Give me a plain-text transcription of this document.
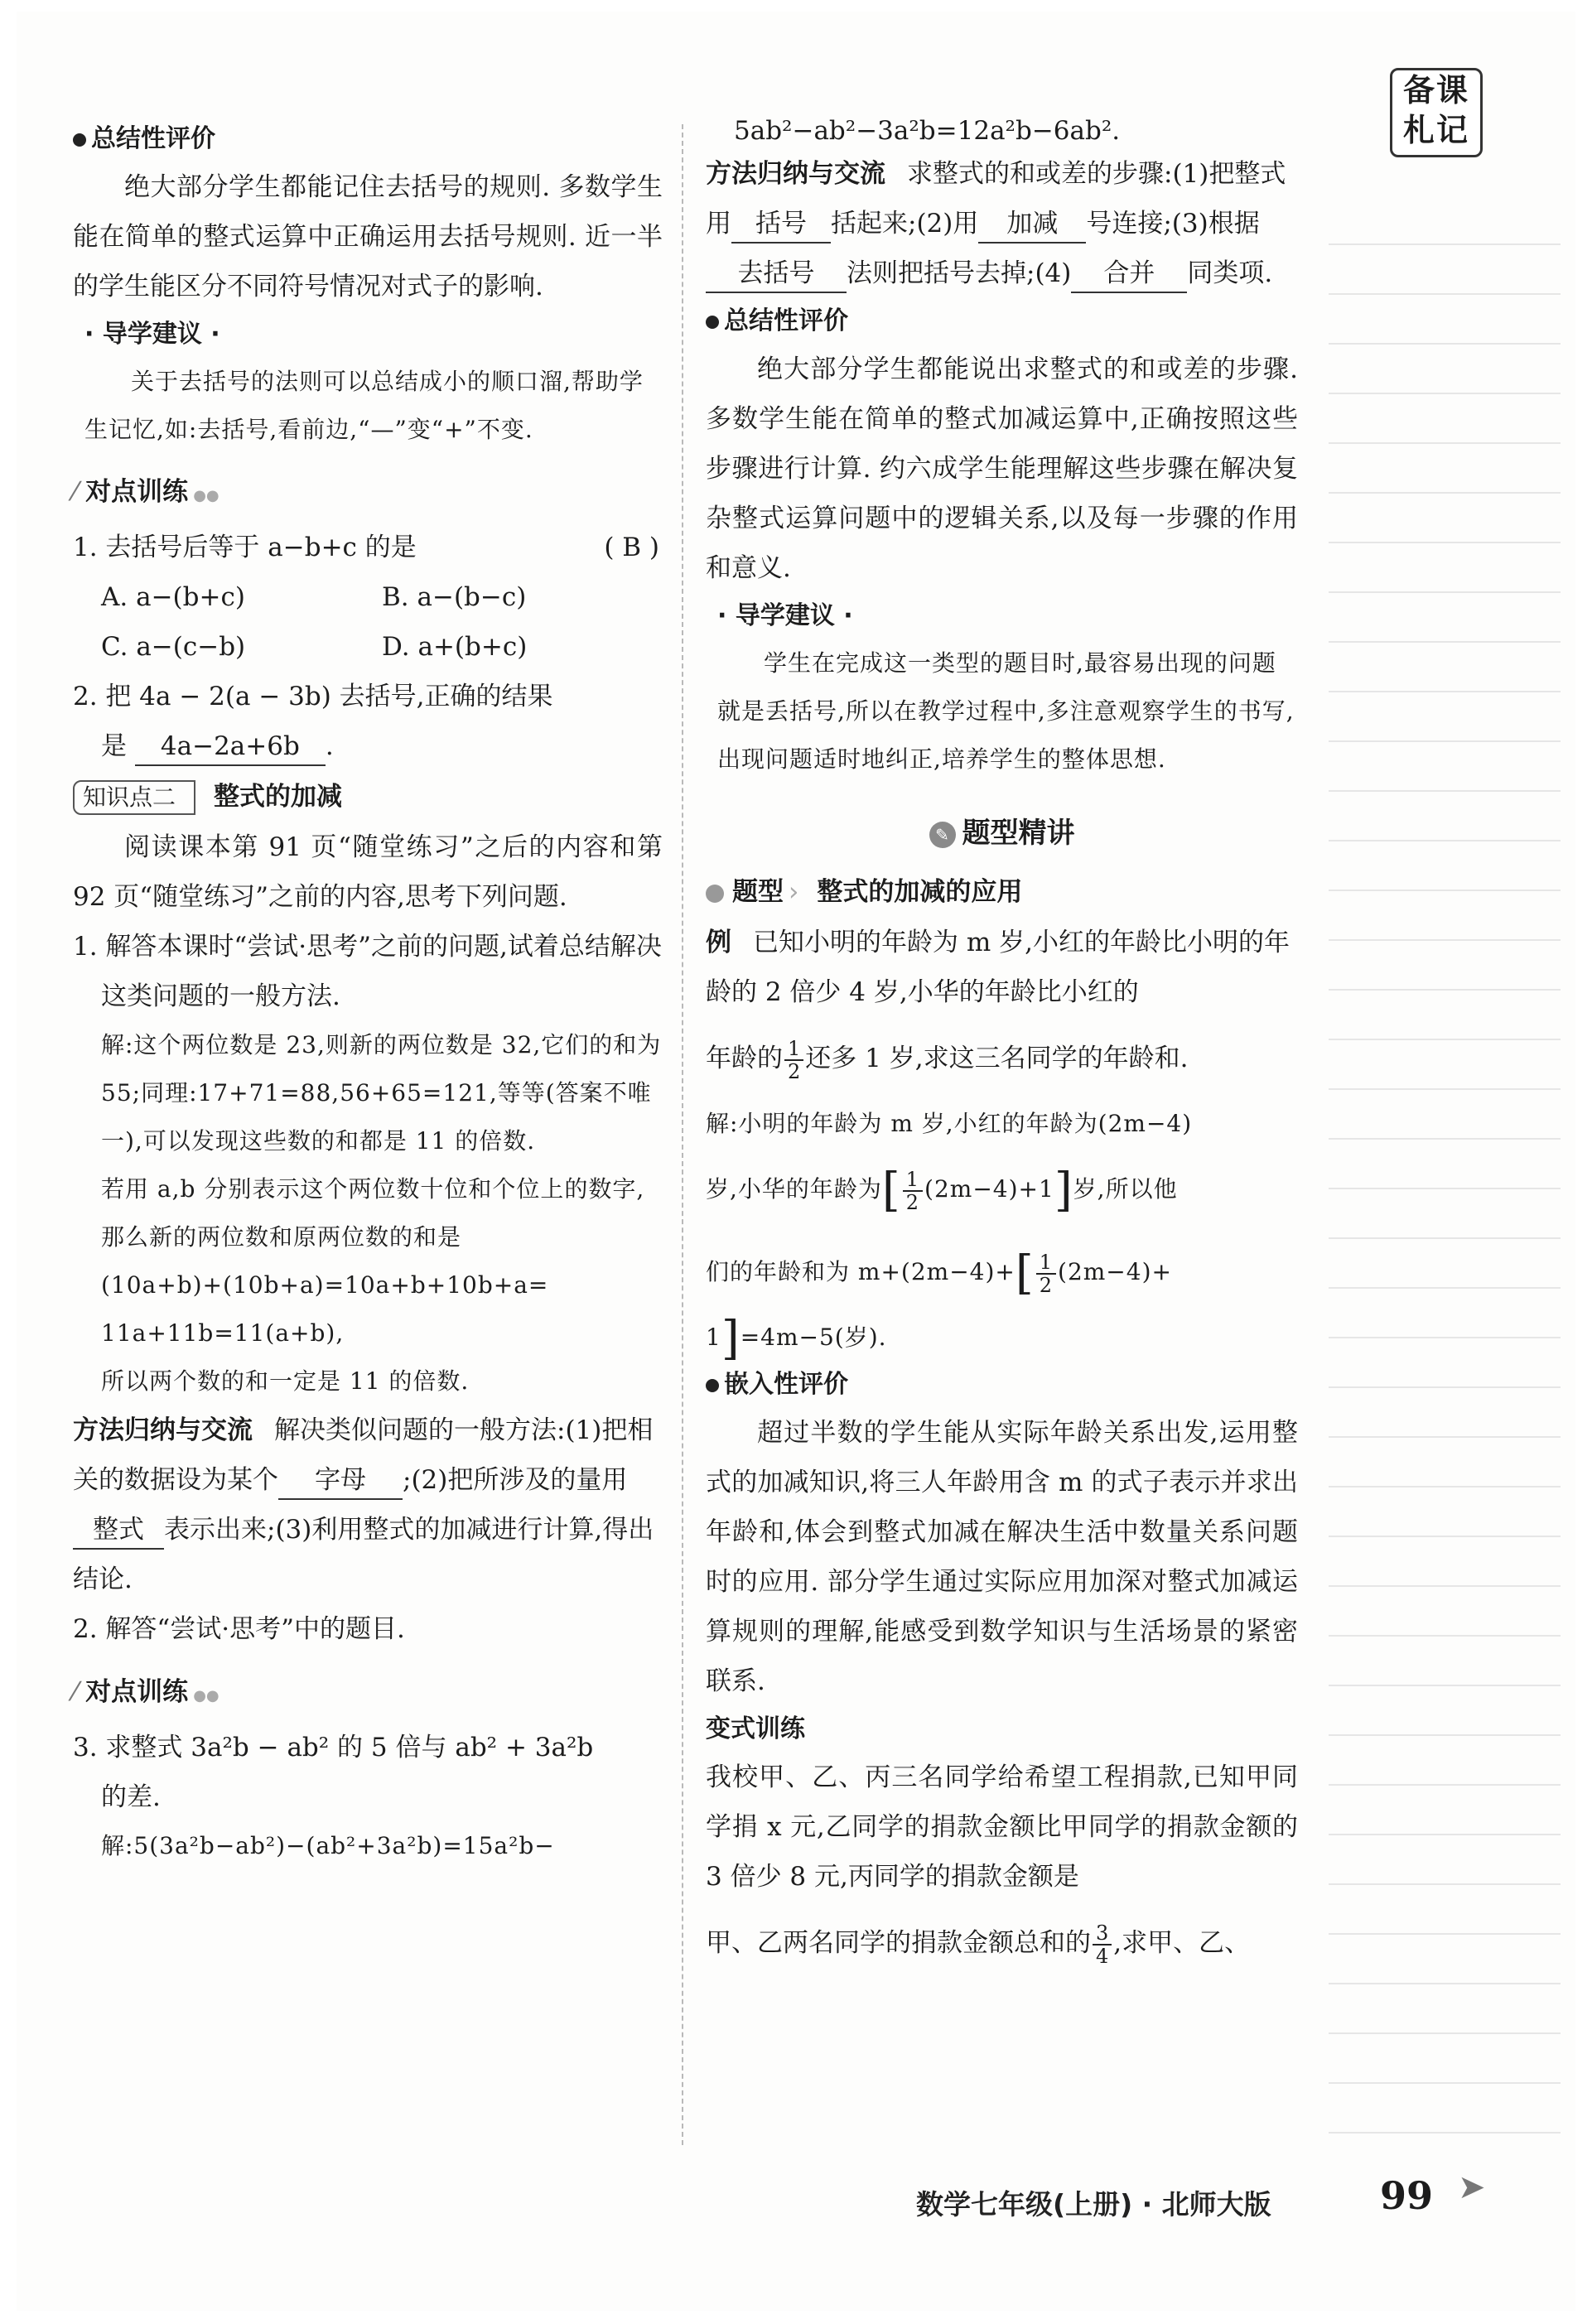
备课
札记
总结性评价

绝大部分学生都能记住去括号的规则. 多数学生能在简单的整式运算中正确运用去括号规则. 近一半的学生能区分不同符号情况对式子的影响.

· 导学建议 ·

关于去括号的法则可以总结成小的顺口溜,帮助学生记忆,如:去括号,看前边,“—”变“+”不变.

⁄ 对点训练 ●●

1. 去括号后等于 a−b+c 的是	( B )

A. a−(b+c)	B. a−(b−c)
C. a−(c−b)	D. a+(b+c)

2. 把 4a − 2(a − 3b) 去括号,正确的结果

是 4a−2a+6b .

知识点二 整式的加减

阅读课本第 91 页“随堂练习”之后的内容和第 92 页“随堂练习”之前的内容,思考下列问题.

1. 解答本课时“尝试·思考”之前的问题,试着总结解决这类问题的一般方法.

解:这个两位数是 23,则新的两位数是 32,它们的和为 55;同理:17+71=88,56+65=121,等等(答案不唯一),可以发现这些数的和都是 11 的倍数.

若用 a,b 分别表示这个两位数十位和个位上的数字,那么新的两位数和原两位数的和是

(10a+b)+(10b+a)=10a+b+10b+a=

11a+11b=11(a+b),

所以两个数的和一定是 11 的倍数.

方法归纳与交流 解决类似问题的一般方法:(1)把相关的数据设为某个 字母 ;(2)把所涉及的量用整式 表示出来;(3)利用整式的加减进行计算,得出结论.

2. 解答“尝试·思考”中的题目.

⁄ 对点训练 ●●

3. 求整式 3a²b − ab² 的 5 倍与 ab² + 3a²b

的差.

解:5(3a²b−ab²)−(ab²+3a²b)=15a²b−

5ab²−ab²−3a²b=12a²b−6ab².

方法归纳与交流 求整式的和或差的步骤:(1)把整式用 括号 括起来;(2)用 加减 号连接;(3)根据去括号 法则把括号去掉;(4) 合并 同类项.

总结性评价

绝大部分学生都能说出求整式的和或差的步骤. 多数学生能在简单的整式加减运算中,正确按照这些步骤进行计算. 约六成学生能理解这些步骤在解决复杂整式运算问题中的逻辑关系,以及每一步骤的作用和意义.

· 导学建议 ·

学生在完成这一类型的题目时,最容易出现的问题就是丢括号,所以在教学过程中,多注意观察学生的书写,出现问题适时地纠正,培养学生的整体思想.

✎ 题型精讲
题型 › 整式的加减的应用

例 已知小明的年龄为 m 岁,小红的年龄比小明的年龄的 2 倍少 4 岁,小华的年龄比小红的

年龄的 $\frac{1}{2}$ 还多 1 岁,求这三名同学的年龄和.

解:小明的年龄为 m 岁,小红的年龄为(2m−4)

岁,小华的年龄为[ $\frac{1}{2} (2m-4)+1$]岁,所以他

们的年龄和为 $m+(2m-4)+[ \frac{1}{2} (2m-4)+$

1]=4m−5(岁).

嵌入性评价

超过半数的学生能从实际年龄关系出发,运用整式的加减知识,将三人年龄用含 m 的式子表示并求出年龄和,体会到整式加减在解决生活中数量关系问题时的应用. 部分学生通过实际应用加深对整式加减运算规则的理解,能感受到数学知识与生活场景的紧密联系.

变式训练

我校甲、乙、丙三名同学给希望工程捐款,已知甲同学捐 x 元,乙同学的捐款金额比甲同学的捐款金额的 3 倍少 8 元,丙同学的捐款金额是

甲、乙两名同学的捐款金额总和的 $\frac{3}{4}$ ,求甲、乙、

数学七年级(上册) · 北师大版	99 ➤
